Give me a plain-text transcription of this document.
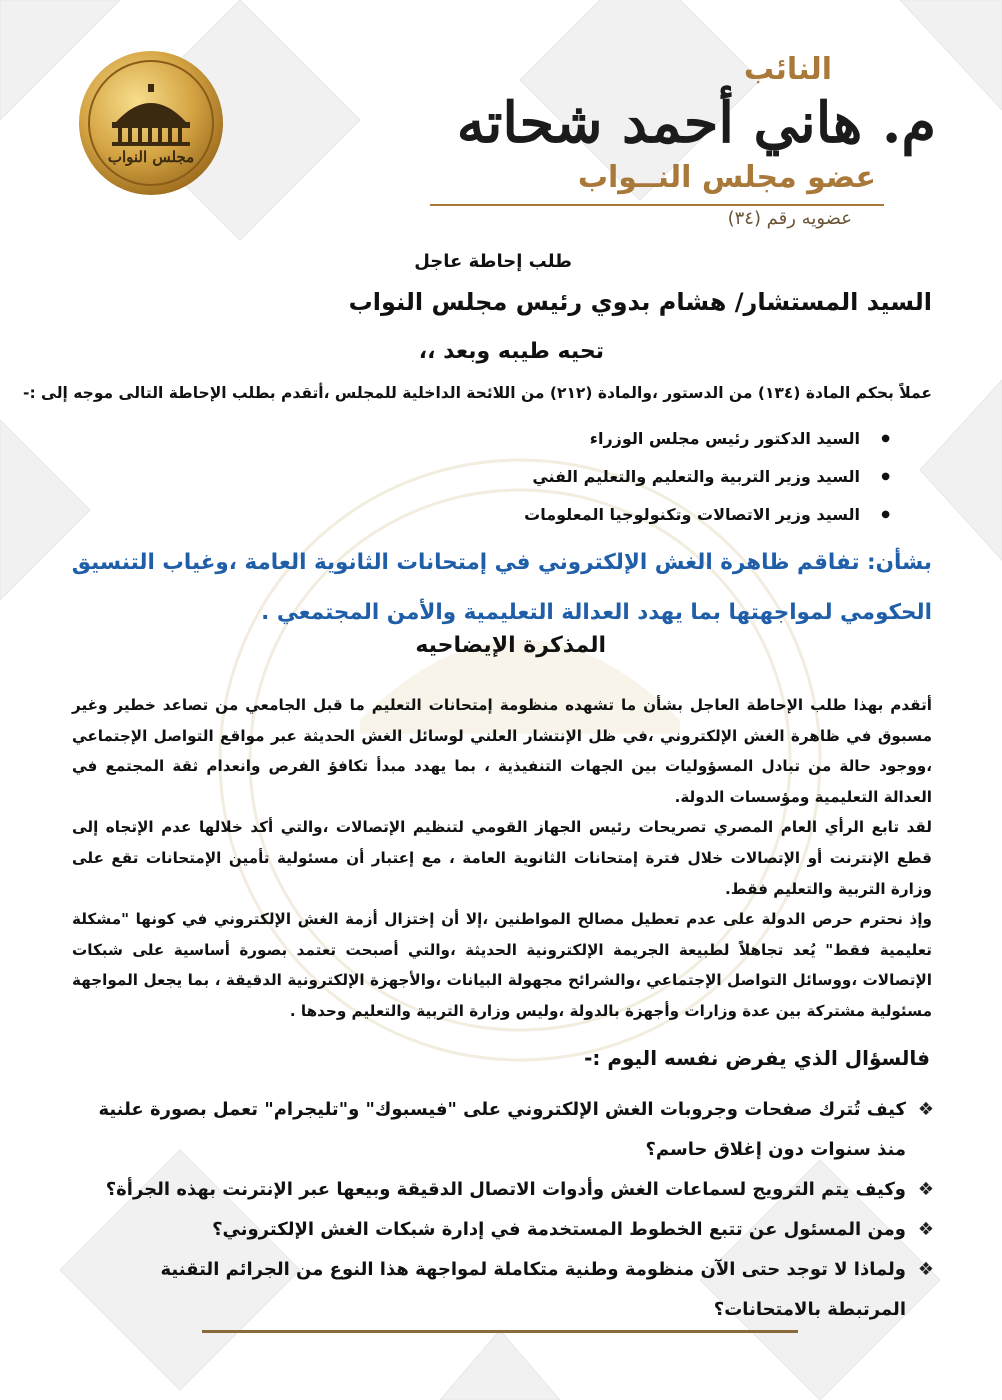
مجلس النواب
النائب
م. هاني أحمد شحاته
عضو مجلس النــواب
عضويه رقم (٣٤)
طلب إحاطة عاجل
السيد المستشار/ هشام بدوي رئيس مجلس النواب
تحيه طيبه وبعد ،،
عملاً بحكم المادة (١٣٤) من الدستور ،والمادة (٢١٢) من اللائحة الداخلية للمجلس ،أتقدم بطلب الإحاطة التالى موجه إلى :-
● السيد الدكتور رئيس مجلس الوزراء
● السيد وزير التربية والتعليم والتعليم الفني
● السيد وزير الاتصالات وتكنولوجيا المعلومات

بشأن: تفاقم ظاهرة الغش الإلكتروني في إمتحانات الثانوية العامة ،وغياب التنسيق الحكومي لمواجهتها بما يهدد العدالة التعليمية والأمن المجتمعي .

المذكرة الإيضاحيه

أتقدم بهذا طلب الإحاطة العاجل بشأن ما تشهده منظومة إمتحانات التعليم ما قبل الجامعي من تصاعد خطير وغير مسبوق في ظاهرة الغش الإلكتروني ،في ظل الإنتشار العلني لوسائل الغش الحديثة عبر مواقع التواصل الإجتماعي ،ووجود حالة من تبادل المسؤوليات بين الجهات التنفيذية ، بما يهدد مبدأ تكافؤ الفرص وانعدام ثقة المجتمع في العدالة التعليمية ومؤسسات الدولة.

لقد تابع الرأي العام المصري تصريحات رئيس الجهاز القومي لتنظيم الإتصالات ،والتي أكد خلالها عدم الإتجاه إلى قطع الإنترنت أو الإتصالات خلال فترة إمتحانات الثانوية العامة ، مع إعتبار أن مسئولية تأمين الإمتحانات تقع على وزارة التربية والتعليم فقط.

وإذ نحترم حرص الدولة على عدم تعطيل مصالح المواطنين ،إلا أن إختزال أزمة الغش الإلكتروني في كونها "مشكلة تعليمية فقط" يُعد تجاهلاً لطبيعة الجريمة الإلكترونية الحديثة ،والتي أصبحت تعتمد بصورة أساسية على شبكات الإتصالات ،ووسائل التواصل الإجتماعي ،والشرائح مجهولة البيانات ،والأجهزة الإلكترونية الدقيقة ، بما يجعل المواجهة مسئولية مشتركة بين عدة وزارات وأجهزة بالدولة ،وليس وزارة التربية والتعليم وحدها .

فالسؤال الذي يفرض نفسه اليوم :-
❖
كيف تُترك صفحات وجروبات الغش الإلكتروني على "فيسبوك" و"تليجرام" تعمل بصورة علنية منذ سنوات دون إغلاق حاسم؟
❖
وكيف يتم الترويج لسماعات الغش وأدوات الاتصال الدقيقة وبيعها عبر الإنترنت بهذه الجرأة؟
❖
ومن المسئول عن تتبع الخطوط المستخدمة في إدارة شبكات الغش الإلكتروني؟
❖
ولماذا لا توجد حتى الآن منظومة وطنية متكاملة لمواجهة هذا النوع من الجرائم التقنية المرتبطة بالامتحانات؟
